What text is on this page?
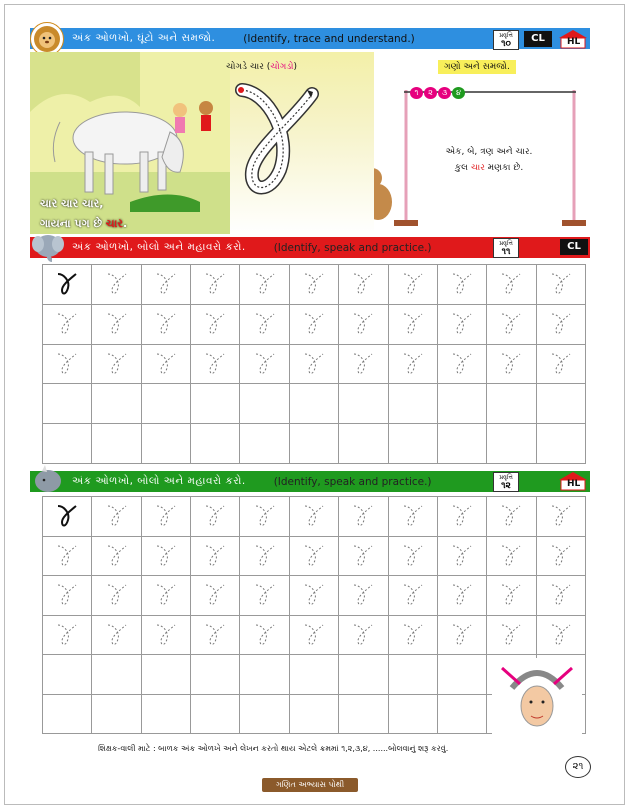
અંક ઓળખો, ઘૂંટો અને સમજો.	(Identify, trace and understand.)	પ્રવૃત્તિ
૧૦	CL	HL
ચોગડે ચાર (ચોગડો)
ચાર ચાર ચાર,
ગાયના પગ છે ચાર.
ગણો અને સમજો.
૧	૨	૩	૪
એક, બે, ત્રણ અને ચાર.
કુલ ચાર મણકા છે.
અંક ઓળખો, બોલો અને મહાવરો કરો.	(Identify, speak and practice.)	પ્રવૃત્તિ
૧૧	CL
અંક ઓળખો, બોલો અને મહાવરો કરો.	(Identify, speak and practice.)	પ્રવૃત્તિ
૧૨	HL
શિક્ષક-વાલી માટે : બાળક અંક ઓળખે અને લેખન કરતો થાય એટલે ક્રમમાં ૧,૨,૩,૪, ......બોલવાનું શરૂ કરવું.
૨૧
ગણિત અભ્યાસ પોથી
